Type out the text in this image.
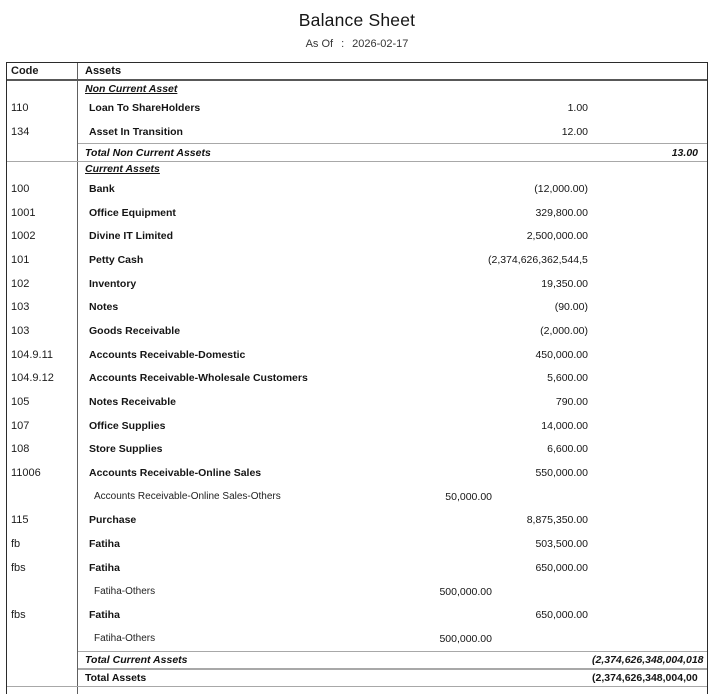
Balance Sheet
As Of : 2026-02-17
Code	Assets
Non Current Asset
110	Loan To ShareHolders	1.00
134	Asset In Transition	12.00
Total Non Current Assets	13.00
Current Assets
100	Bank	(12,000.00)
1001	Office Equipment	329,800.00
1002	Divine IT Limited	2,500,000.00
101	Petty Cash	(2,374,626,362,544,5
102	Inventory	19,350.00
103	Notes	(90.00)
103	Goods Receivable	(2,000.00)
104.9.11	Accounts Receivable-Domestic	450,000.00
104.9.12	Accounts Receivable-Wholesale Customers	5,600.00
105	Notes Receivable	790.00
107	Office Supplies	14,000.00
108	Store Supplies	6,600.00
11006	Accounts Receivable-Online Sales	550,000.00
Accounts Receivable-Online Sales-Others	50,000.00
115	Purchase	8,875,350.00
fb	Fatiha	503,500.00
fbs	Fatiha	650,000.00
Fatiha-Others	500,000.00
fbs	Fatiha	650,000.00
Fatiha-Others	500,000.00
Total Current Assets	(2,374,626,348,004,018
Total Assets	(2,374,626,348,004,00
